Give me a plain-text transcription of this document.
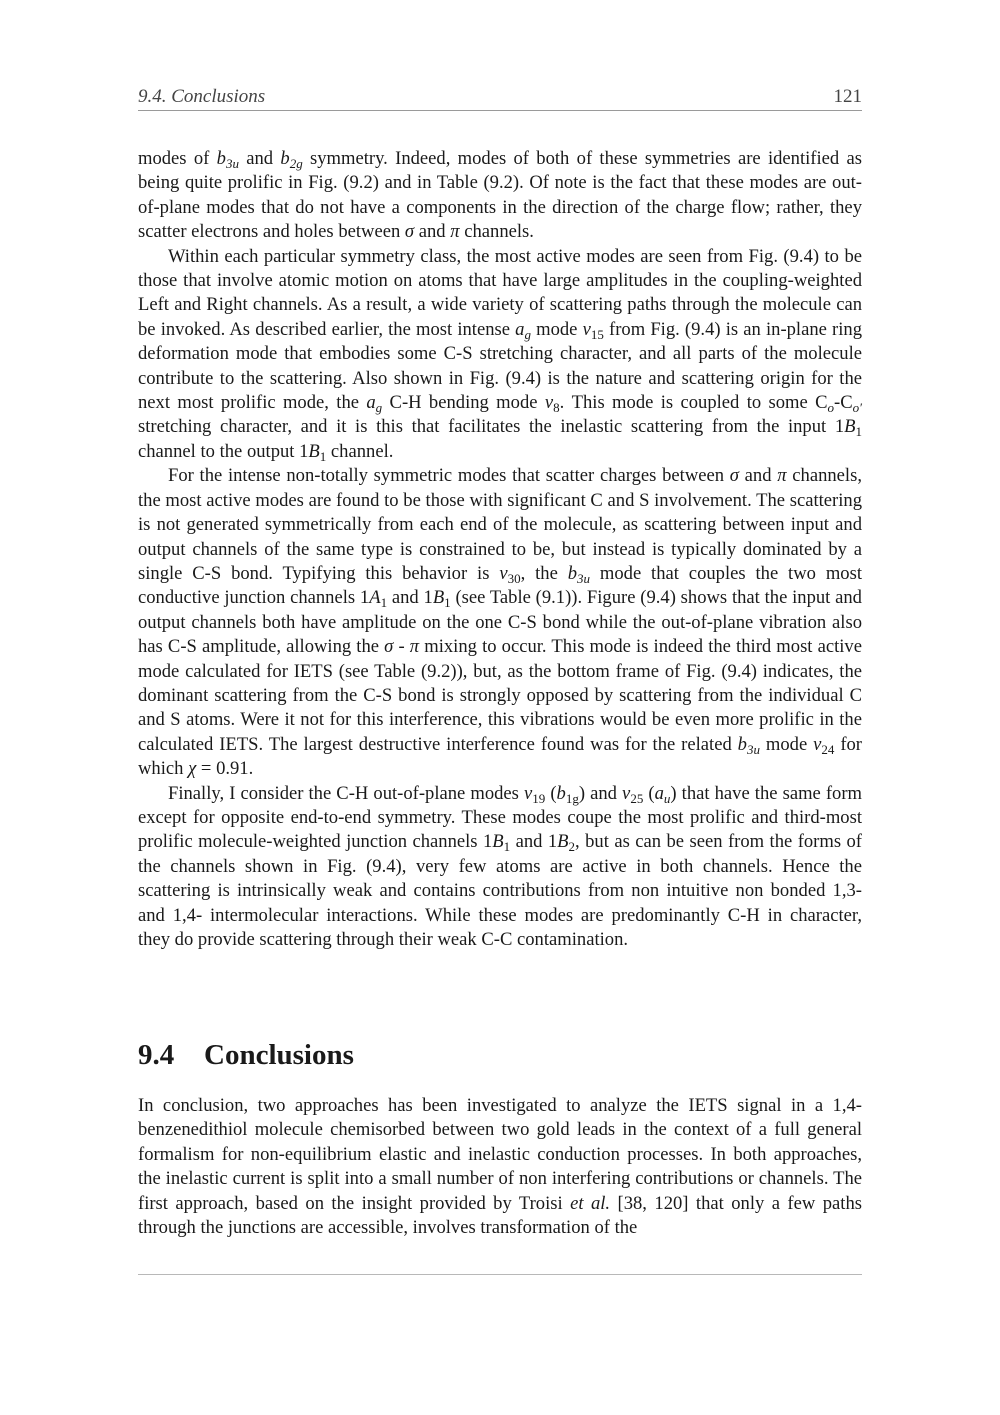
9.4. Conclusions	121

modes of $b_{3u}$ and $b_{2g}$ symmetry. Indeed, modes of both of these symmetries are identified as being quite prolific in Fig. (9.2) and in Table (9.2). Of note is the fact that these modes are out-of-plane modes that do not have a components in the direction of the charge flow; rather, they scatter electrons and holes between σ and π channels.

Within each particular symmetry class, the most active modes are seen from Fig. (9.4) to be those that involve atomic motion on atoms that have large amplitudes in the coupling-weighted Left and Right channels. As a result, a wide variety of scattering paths through the molecule can be invoked. As described earlier, the most intense $a_g$ mode $\nu_{15}$ from Fig. (9.4) is an in-plane ring deformation mode that embodies some C-S stretching character, and all parts of the molecule contribute to the scattering. Also shown in Fig. (9.4) is the nature and scattering origin for the next most prolific mode, the $a_g$ C-H bending mode $\nu_8$. This mode is coupled to some $C_o-C_{o'}$ stretching character, and it is this that facilitates the inelastic scattering from the input $1B_1$ channel to the output $1B_1$ channel.

For the intense non-totally symmetric modes that scatter charges between σ and π channels, the most active modes are found to be those with significant C and S involvement. The scattering is not generated symmetrically from each end of the molecule, as scattering between input and output channels of the same type is constrained to be, but instead is typically dominated by a single C-S bond. Typifying this behavior is $\nu_{30}$, the $b_{3u}$ mode that couples the two most conductive junction channels $1A_1$ and $1B_1$ (see Table (9.1)). Figure (9.4) shows that the input and output channels both have amplitude on the one C-S bond while the out-of-plane vibration also has C-S amplitude, allowing the σ - π mixing to occur. This mode is indeed the third most active mode calculated for IETS (see Table (9.2)), but, as the bottom frame of Fig. (9.4) indicates, the dominant scattering from the C-S bond is strongly opposed by scattering from the individual C and S atoms. Were it not for this interference, this vibrations would be even more prolific in the calculated IETS. The largest destructive interference found was for the related $b_{3u}$ mode $\nu_{24}$ for which χ = 0.91.

Finally, I consider the C-H out-of-plane modes $\nu_{19}$ $(b_{1g})$ and $\nu_{25}$ $(a_u)$ that have the same form except for opposite end-to-end symmetry. These modes coupe the most prolific and third-most prolific molecule-weighted junction channels $1B_1$ and $1B_2$, but as can be seen from the forms of the channels shown in Fig. (9.4), very few atoms are active in both channels. Hence the scattering is intrinsically weak and contains contributions from non intuitive non bonded 1,3- and 1,4- intermolecular interactions. While these modes are predominantly C-H in character, they do provide scattering through their weak C-C contamination.

9.4 Conclusions

In conclusion, two approaches has been investigated to analyze the IETS signal in a 1,4-benzenedithiol molecule chemisorbed between two gold leads in the context of a full general formalism for non-equilibrium elastic and inelastic conduction processes. In both approaches, the inelastic current is split into a small number of non interfering contributions or channels. The first approach, based on the insight provided by Troisi et al. [38, 120] that only a few paths through the junctions are accessible, involves transformation of the
